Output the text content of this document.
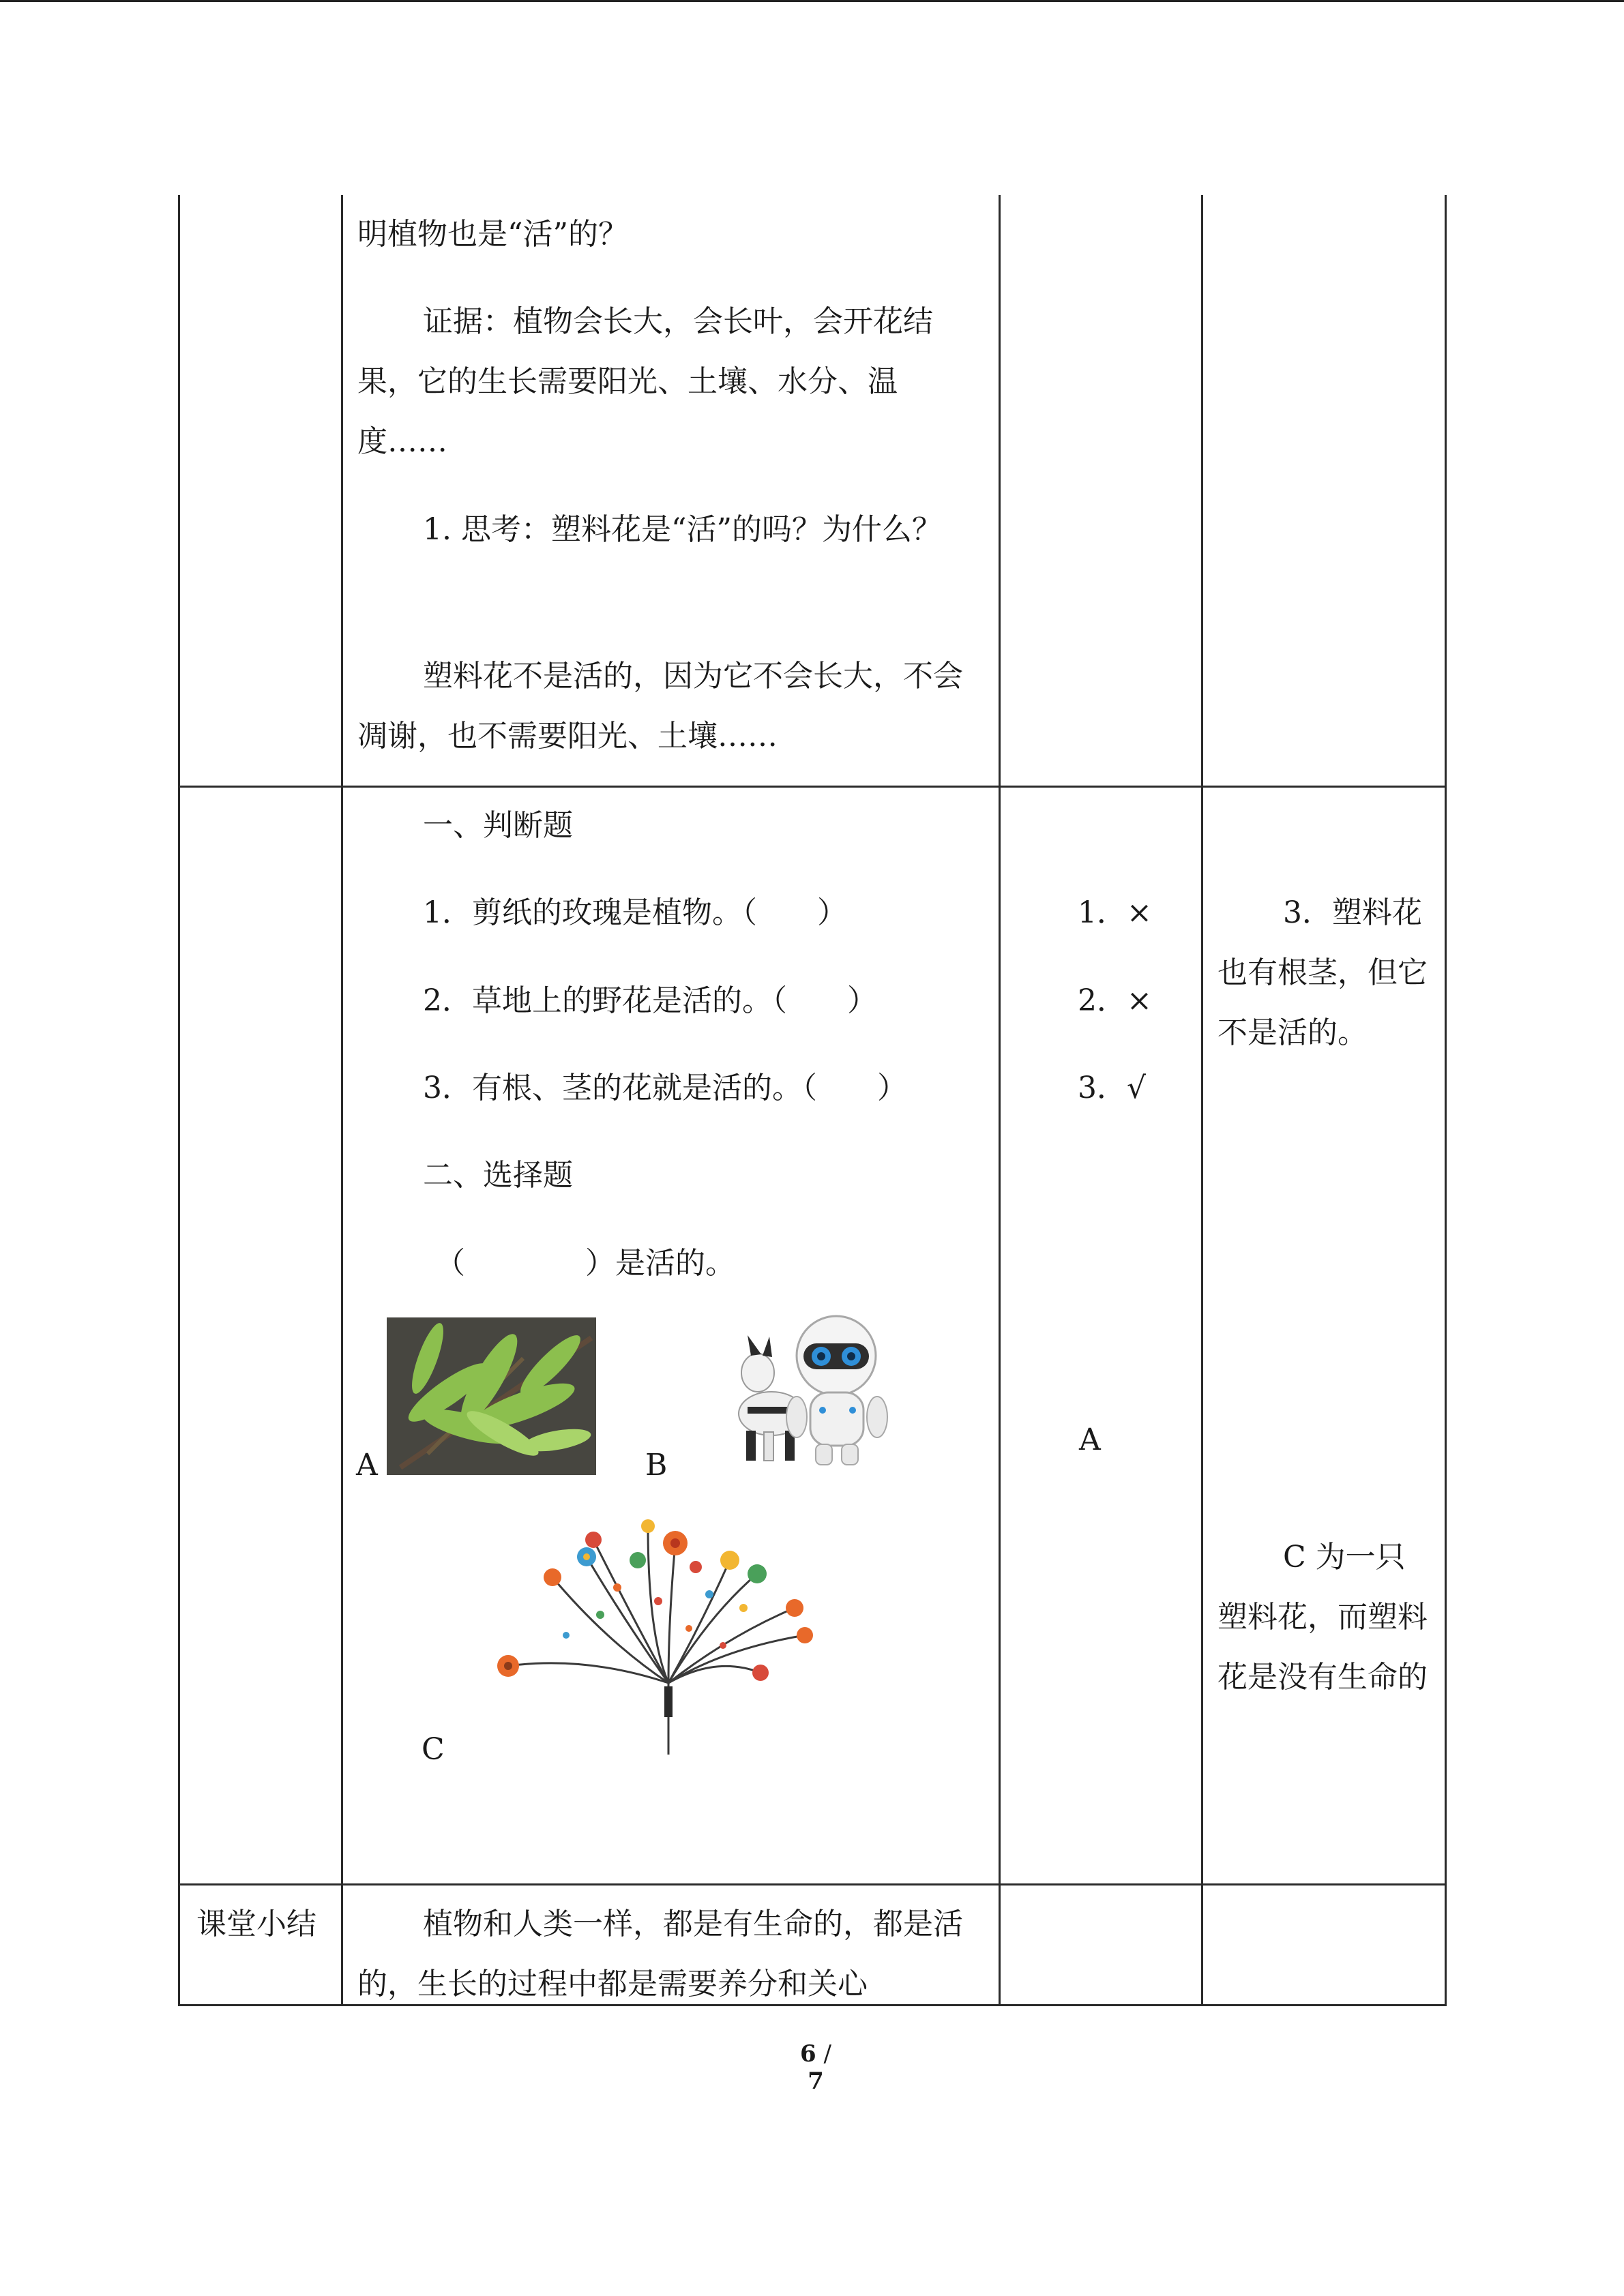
明植物也是“活”的？
证据：植物会长大，会长叶，会开花结果，它的生长需要阳光、土壤、水分、温度……
1. 思考：塑料花是“活”的吗？为什么？
塑料花不是活的，因为它不会长大，不会凋谢，也不需要阳光、土壤……
一、判断题
1．剪纸的玫瑰是植物。（　　）
2．草地上的野花是活的。（　　）
3．有根、茎的花就是活的。（　　）
二、选择题
（　　　　）是活的。
A	B
C
1．×
2．×
3．√
A
3．塑料花也有根茎，但它不是活的。
C 为一只塑料花，而塑料花是没有生命的
课堂小结	植物和人类一样，都是有生命的，都是活的，生长的过程中都是需要养分和关心
6 / 7
